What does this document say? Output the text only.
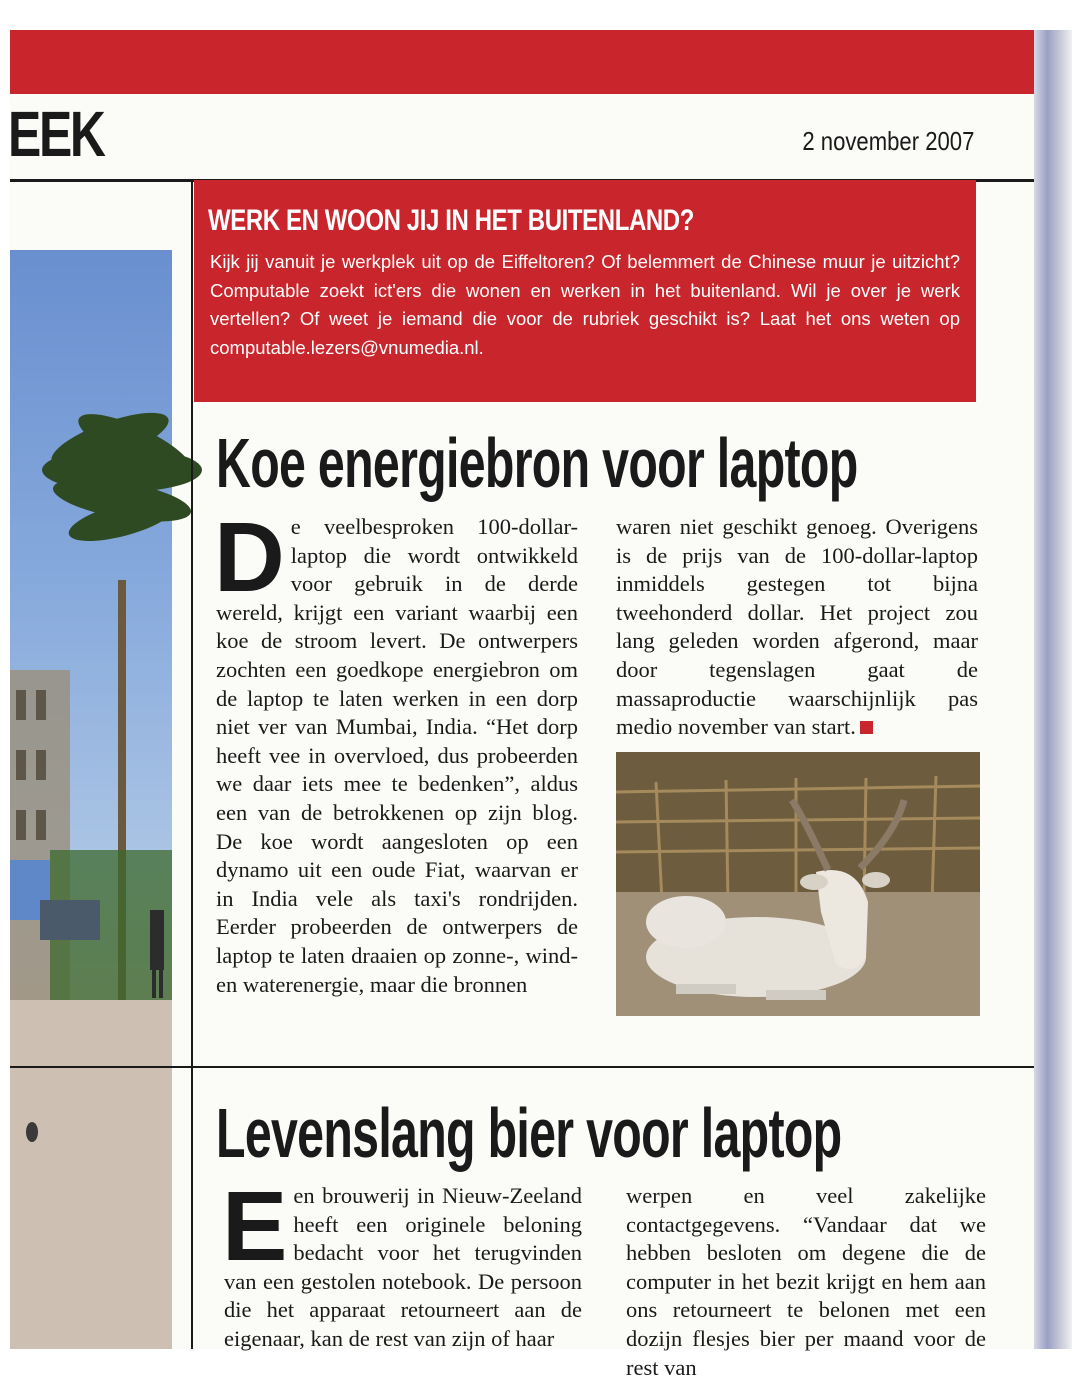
EEK	2 november 2007
WERK EN WOON JIJ IN HET BUITENLAND?
Kijk jij vanuit je werkplek uit op de Eiffeltoren? Of belemmert de Chinese muur je uitzicht? Computable zoekt ict'ers die wonen en werken in het buitenland. Wil je over je werk vertellen? Of weet je iemand die voor de rubriek geschikt is? Laat het ons weten op computable.lezers@vnumedia.nl.
Koe energiebron voor laptop
De veelbesproken 100-dollar-laptop die wordt ontwikkeld voor gebruik in de derde wereld, krijgt een variant waarbij een koe de stroom levert. De ontwerpers zochten een goedkope energiebron om de laptop te laten werken in een dorp niet ver van Mumbai, India. “Het dorp heeft vee in overvloed, dus probeerden we daar iets mee te bedenken”, aldus een van de betrokkenen op zijn blog. De koe wordt aangesloten op een dynamo uit een oude Fiat, waarvan er in India vele als taxi's rondrijden. Eerder probeerden de ontwerpers de laptop te laten draaien op zonne-, wind- en waterenergie, maar die bronnen
waren niet geschikt genoeg. Overigens is de prijs van de 100-dollar-laptop inmiddels gestegen tot bijna tweehonderd dollar. Het project zou lang geleden worden afgerond, maar door tegenslagen gaat de massaproductie waarschijnlijk pas medio november van start.
Levenslang bier voor laptop
Een brouwerij in Nieuw-Zeeland heeft een originele beloning bedacht voor het terugvinden van een gestolen notebook. De persoon die het apparaat retourneert aan de eigenaar, kan de rest van zijn of haar
werpen en veel zakelijke contactgegevens. “Vandaar dat we hebben besloten om degene die de computer in het bezit krijgt en hem aan ons retourneert te belonen met een dozijn flesjes bier per maand voor de rest van
